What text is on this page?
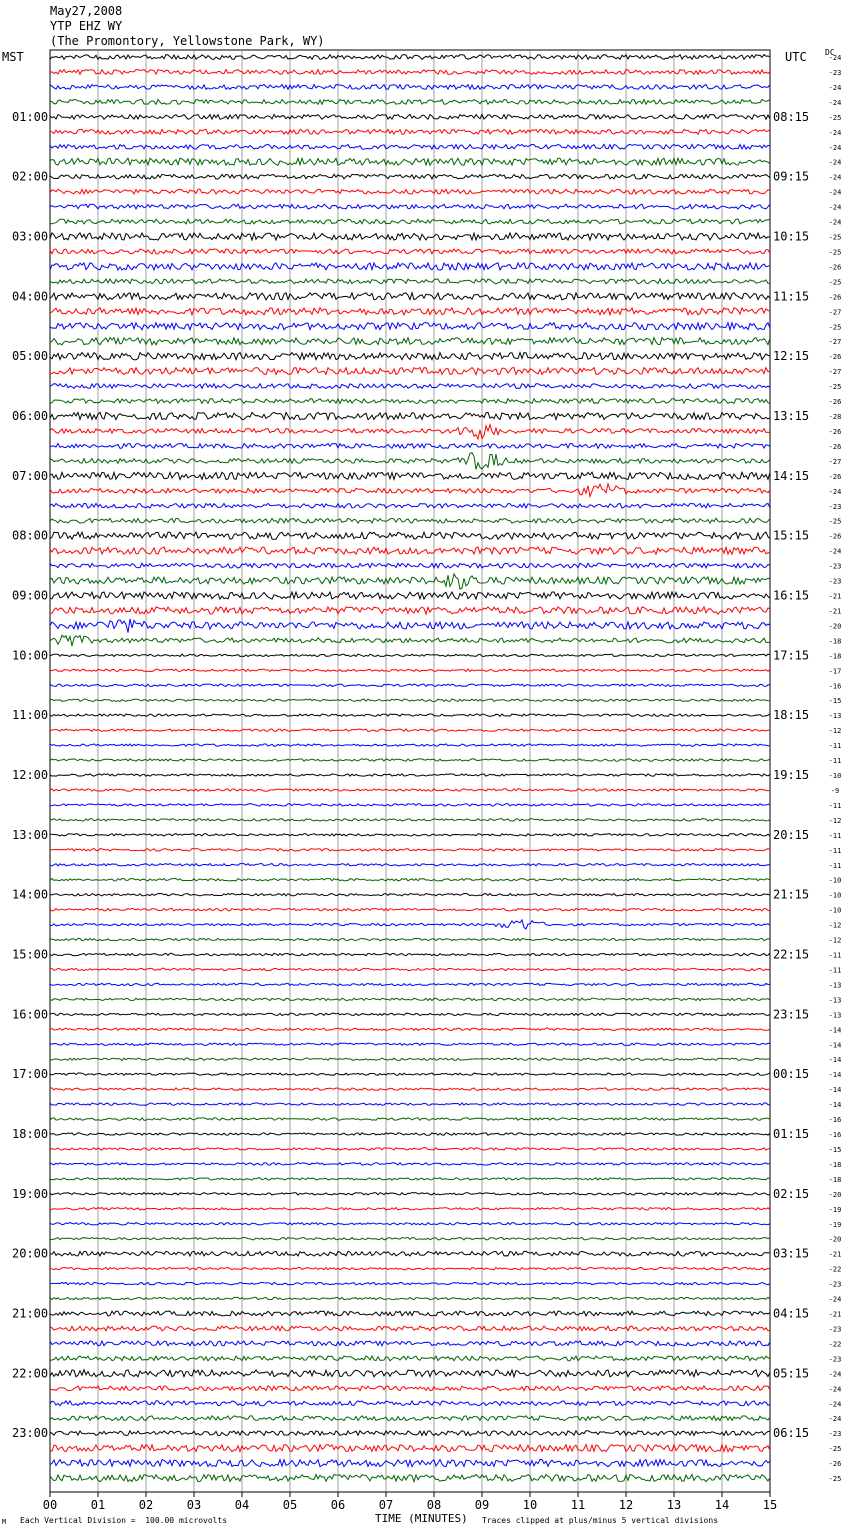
May27,2008
YTP EHZ WY
(The Promontory, Yellowstone Park, WY)
MST	UTC DC
-24
-23
-24
-24
-25
-24
-24
-24
-24
-24
-24
-24
-25
-25
-26
-25
-26
-27
-25
-27
-26
-27
-25
-26
-28
-26
-26
-27
-26
-24
-23
-25
-26
-24
-23
-23
-21
-21
-20
-18
-18
-17
-16
-15
-13
-12
-11
-11
-10
-9
-11
-12
-11
-11
-11
-10
-10
-10
-12
-12
-11
-11
-13
-13
-13
-14
-14
-14
-14
-14
-14
-16
-16
-15
-18
-18
-20
-19
-19
-20
-21
-22
-23
-24
-21
-23
-22
-23
-24
-24
-24
-24
-23
-25
-26
-25
01:00	08:15
02:00	09:15
03:00	10:15
04:00	11:15
05:00	12:15
06:00	13:15
07:00	14:15
08:00	15:15
09:00	16:15
10:00	17:15
11:00	18:15
12:00	19:15
13:00	20:15
14:00	21:15
15:00	22:15
16:00	23:15
17:00	00:15
18:00	01:15
19:00	02:15
20:00	03:15
21:00	04:15
22:00	05:15
23:00	06:15
00	01	02	03	04	05	06	07	08	09	10	11	12	13	14	15
TIME (MINUTES)
Each Vertical Division =  100.00 microvolts	Traces clipped at plus/minus 5 vertical divisions
M
